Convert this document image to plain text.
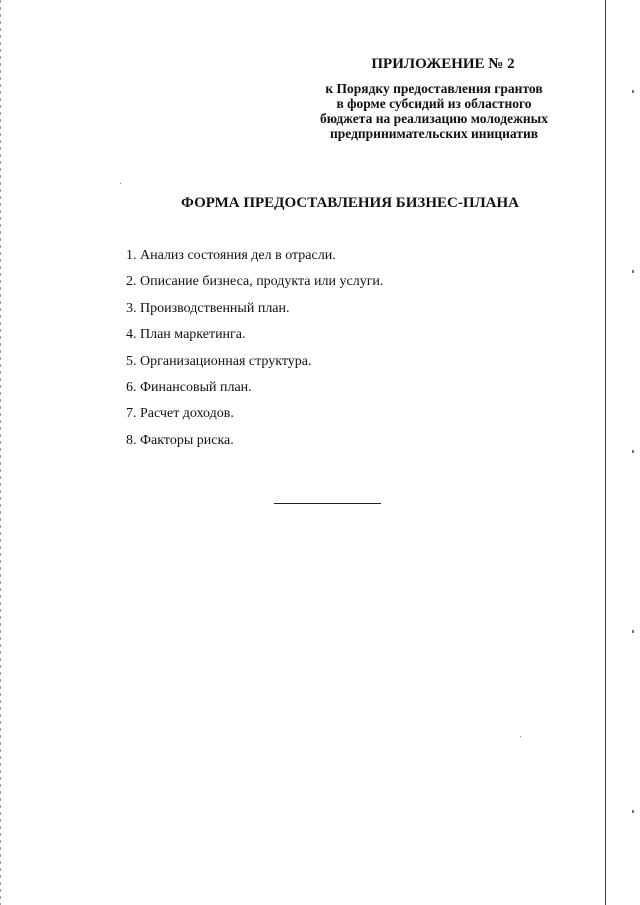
ПРИЛОЖЕНИЕ № 2
к Порядку предоставления грантов
в форме субсидий из областного
бюджета на реализацию молодежных
предпринимательских инициатив
ФОРМА ПРЕДОСТАВЛЕНИЯ БИЗНЕС-ПЛАНА
1. Анализ состояния дел в отрасли.
2. Описание бизнеса, продукта или услуги.
3. Производственный план.
4. План маркетинга.
5. Организационная структура.
6. Финансовый план.
7. Расчет доходов.
8. Факторы риска.
